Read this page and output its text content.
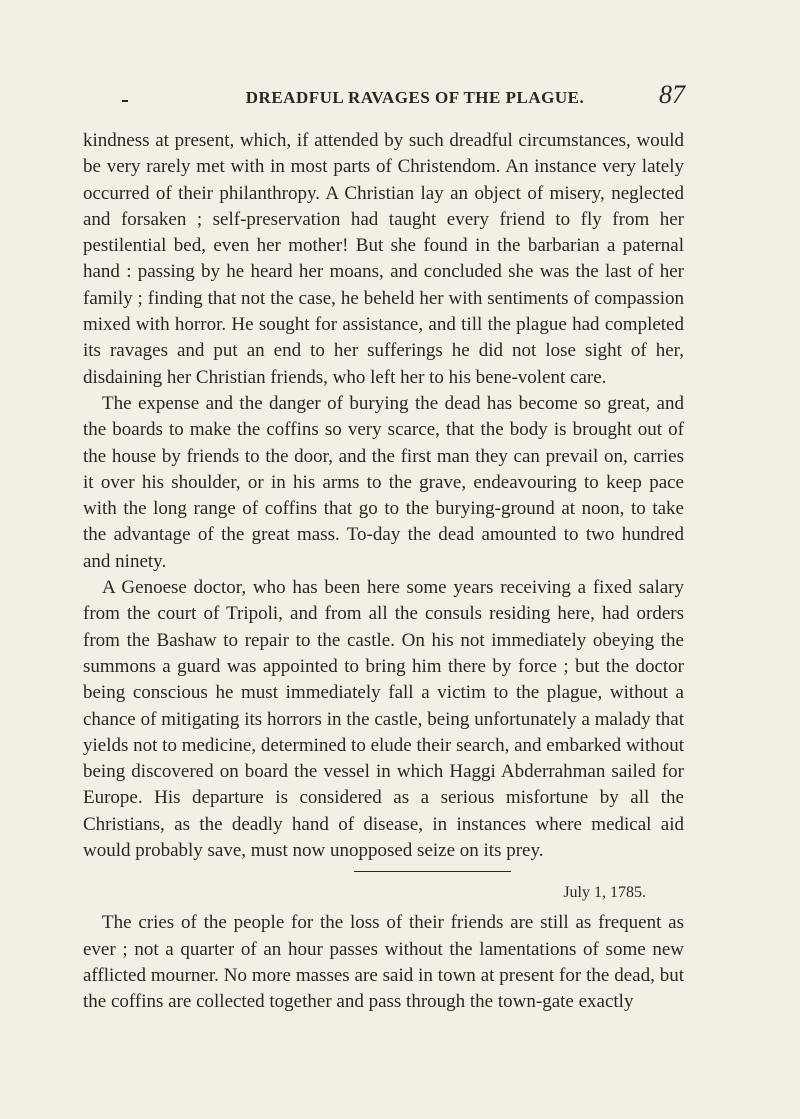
DREADFUL RAVAGES OF THE PLAGUE.	87

kindness at present, which, if attended by such dreadful circumstances, would be very rarely met with in most parts of Christendom. An instance very lately occurred of their philanthropy. A Christian lay an object of misery, neglected and forsaken ; self-preservation had taught every friend to fly from her pestilential bed, even her mother! But she found in the barbarian a paternal hand : passing by he heard her moans, and concluded she was the last of her family ; finding that not the case, he beheld her with sentiments of compassion mixed with horror. He sought for assistance, and till the plague had completed its ravages and put an end to her sufferings he did not lose sight of her, disdaining her Christian friends, who left her to his bene-volent care.

The expense and the danger of burying the dead has become so great, and the boards to make the coffins so very scarce, that the body is brought out of the house by friends to the door, and the first man they can prevail on, carries it over his shoulder, or in his arms to the grave, endeavouring to keep pace with the long range of coffins that go to the burying-ground at noon, to take the advantage of the great mass. To-day the dead amounted to two hundred and ninety.

A Genoese doctor, who has been here some years receiving a fixed salary from the court of Tripoli, and from all the consuls residing here, had orders from the Bashaw to repair to the castle. On his not immediately obeying the summons a guard was appointed to bring him there by force ; but the doctor being conscious he must immediately fall a victim to the plague, without a chance of mitigating its horrors in the castle, being unfortunately a malady that yields not to medicine, determined to elude their search, and embarked without being discovered on board the vessel in which Haggi Abderrahman sailed for Europe. His departure is considered as a serious misfortune by all the Christians, as the deadly hand of disease, in instances where medical aid would probably save, must now unopposed seize on its prey.

July 1, 1785.

The cries of the people for the loss of their friends are still as frequent as ever ; not a quarter of an hour passes without the lamentations of some new afflicted mourner. No more masses are said in town at present for the dead, but the coffins are collected together and pass through the town-gate exactly
